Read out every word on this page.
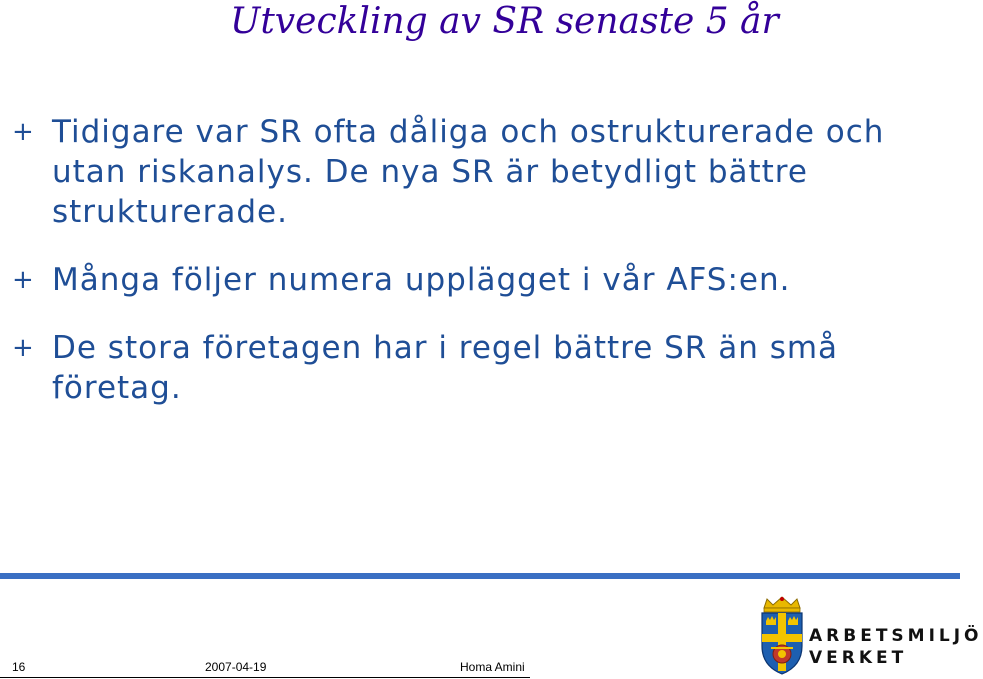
Utveckling av SR senaste 5 år
+ Tidigare var SR ofta dåliga och ostrukturerade och utan riskanalys. De nya SR är betydligt bättre strukturerade.
+ Många följer numera upplägget i vår AFS:en.
+ De stora företagen har i regel bättre SR än små företag.
16	2007-04-19	Homa Amini
ARBETSMILJÖ
VERKET
